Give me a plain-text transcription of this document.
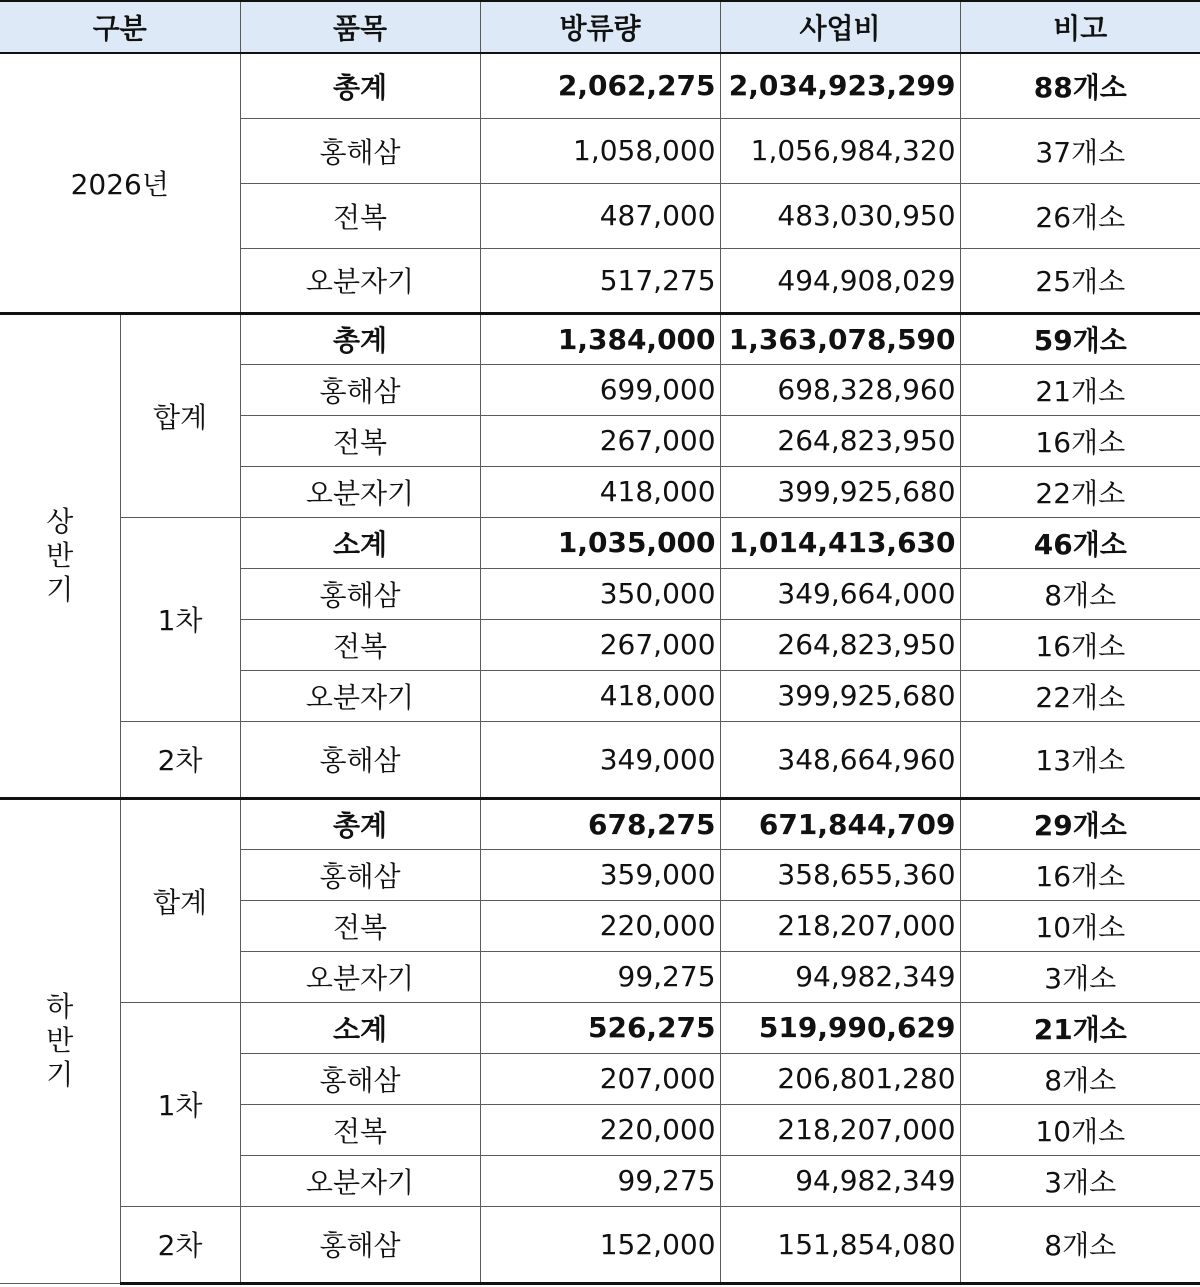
구분		품목	방류량	사업비	비고
2026년		총계	2,062,275	2,034,923,299	88개소
		홍해삼	1,058,000	1,056,984,320	37개소
		전복	487,000	483,030,950	26개소
		오분자기	517,275	494,908,029	25개소

상
반
기	합계	총계	1,384,000	1,363,078,590	59개소
		홍해삼	699,000	698,328,960	21개소
		전복	267,000	264,823,950	16개소
		오분자기	418,000	399,925,680	22개소
	1차	소계	1,035,000	1,014,413,630	46개소
		홍해삼	350,000	349,664,000	8개소
		전복	267,000	264,823,950	16개소
		오분자기	418,000	399,925,680	22개소
	2차	홍해삼	349,000	348,664,960	13개소

하
반
기	합계	총계	678,275	671,844,709	29개소
		홍해삼	359,000	358,655,360	16개소
		전복	220,000	218,207,000	10개소
		오분자기	99,275	94,982,349	3개소
	1차	소계	526,275	519,990,629	21개소
		홍해삼	207,000	206,801,280	8개소
		전복	220,000	218,207,000	10개소
		오분자기	99,275	94,982,349	3개소
	2차	홍해삼	152,000	151,854,080	8개소
